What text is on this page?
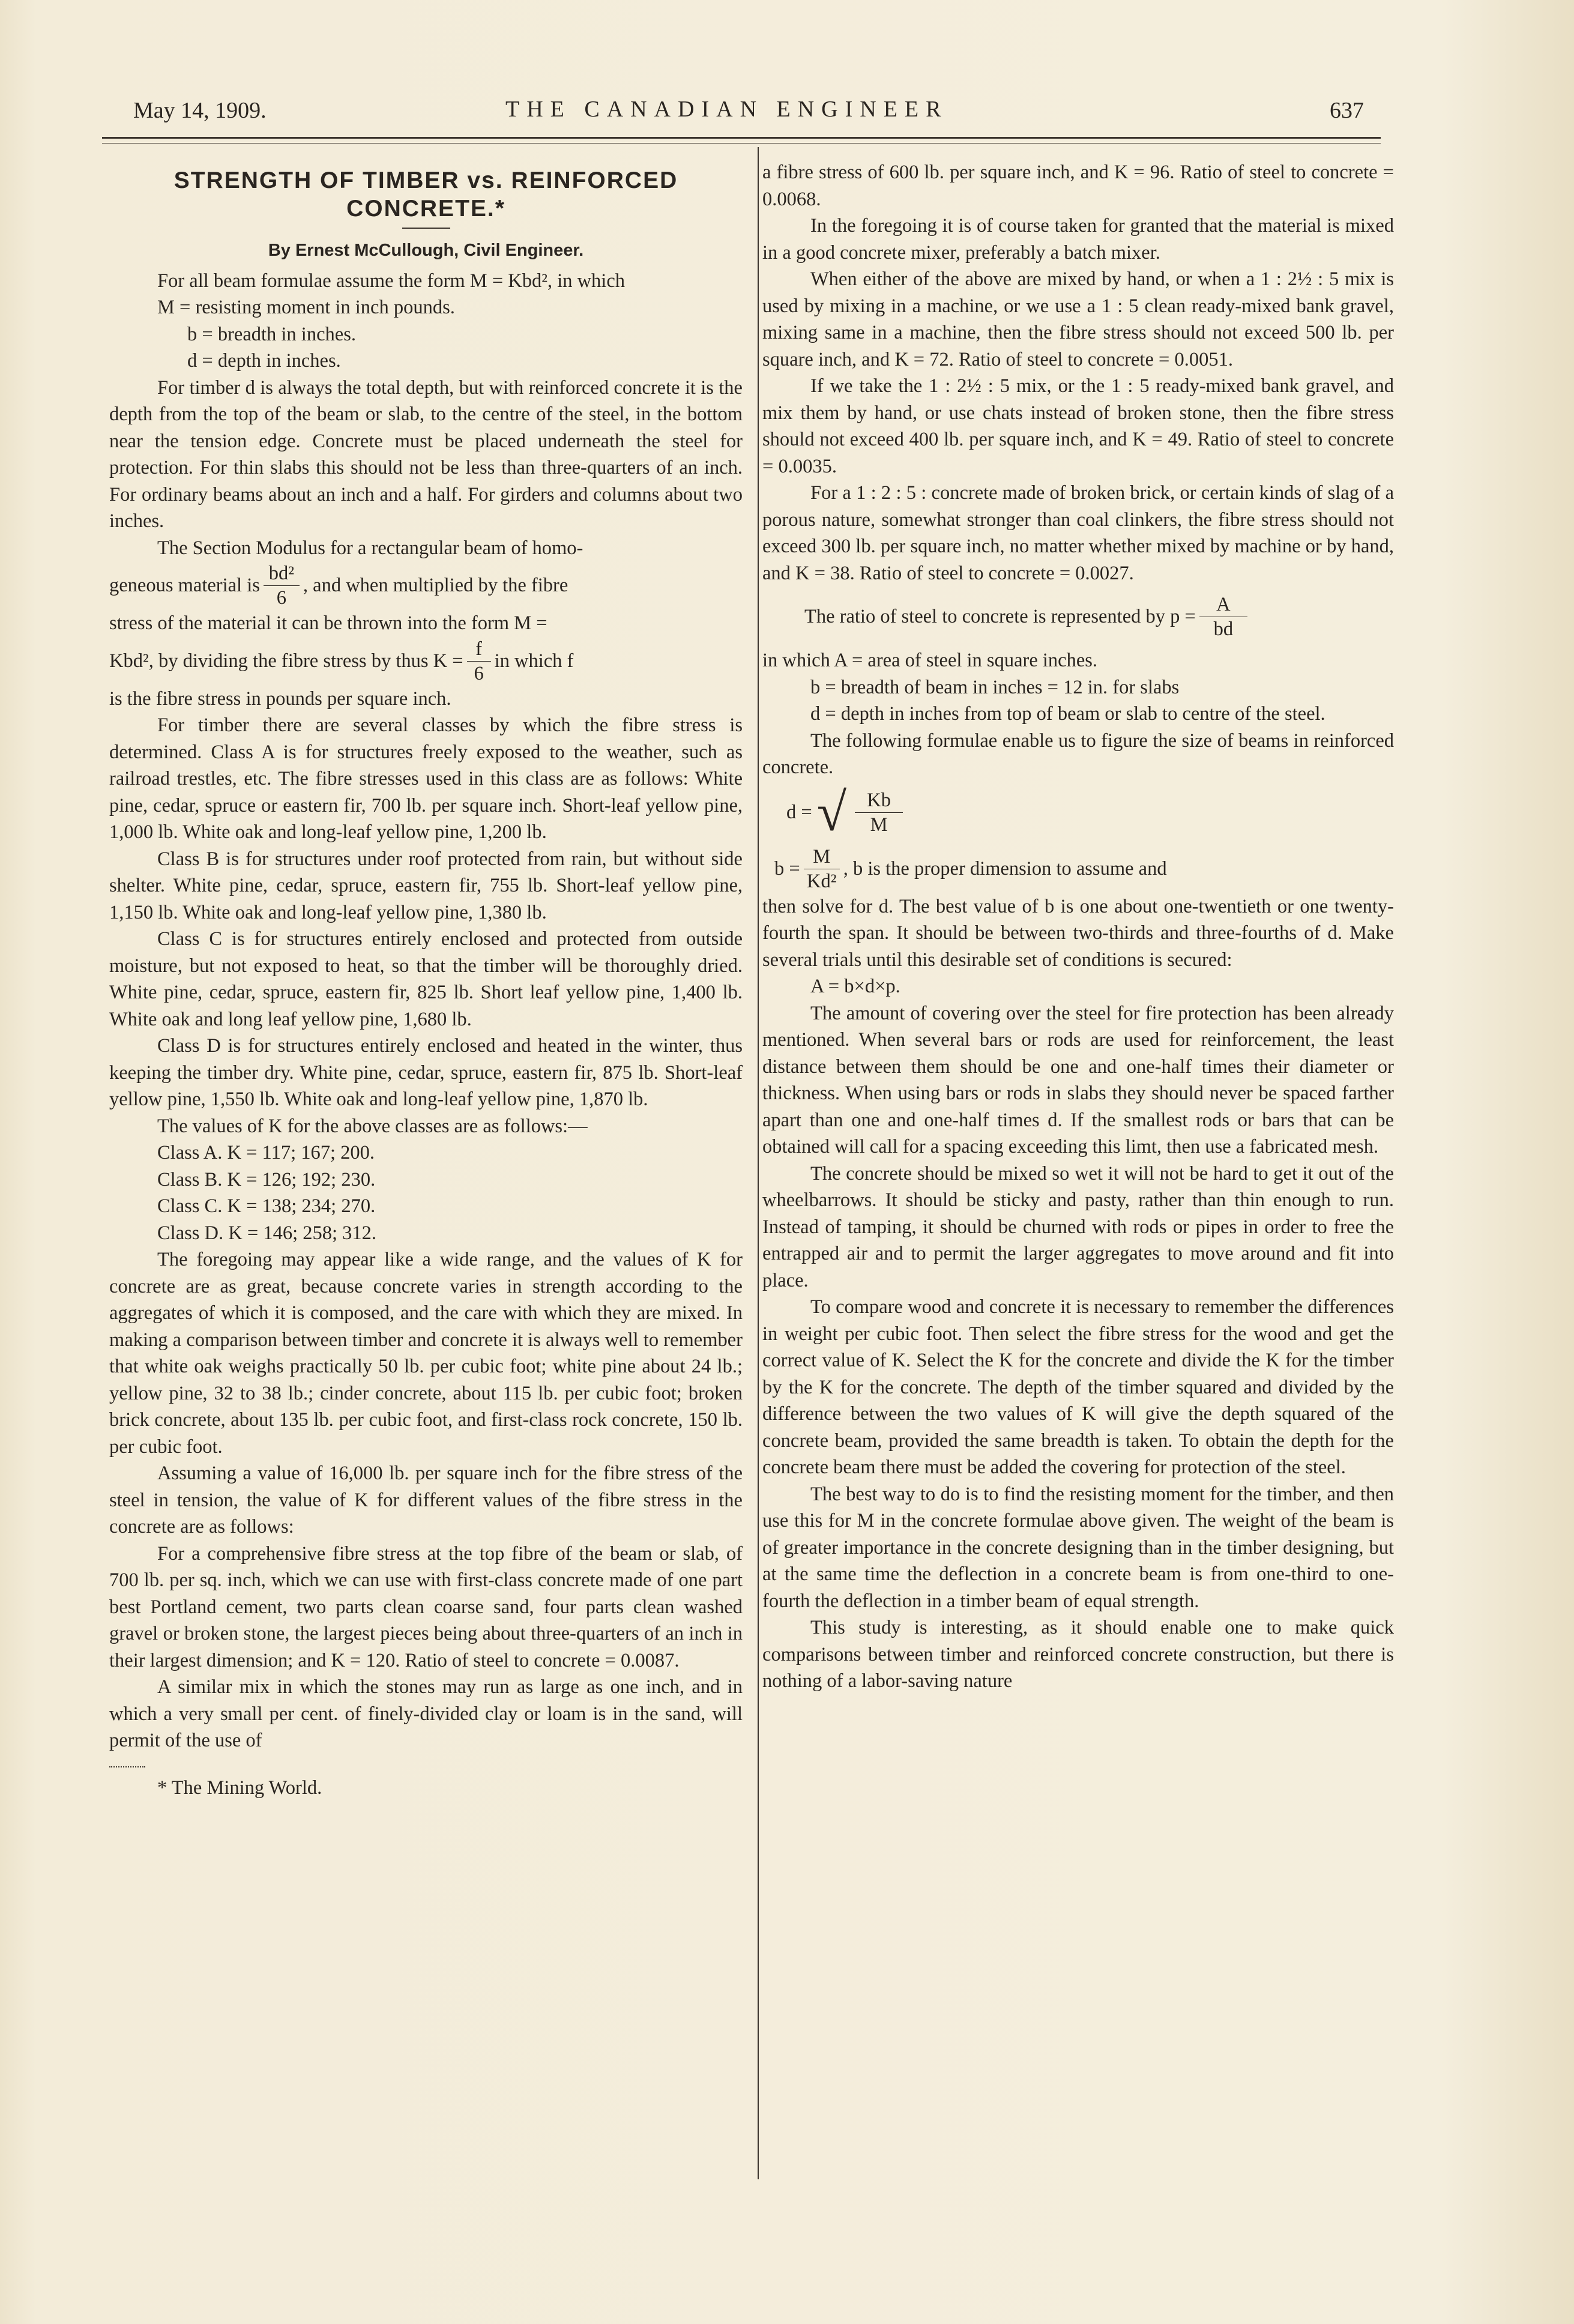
May 14, 1909.	THE CANADIAN ENGINEER	637
STRENGTH OF TIMBER vs. REINFORCED
CONCRETE.*
By Ernest McCullough, Civil Engineer.

For all beam formulae assume the form M = Kbd², in which

M = resisting moment in inch pounds.

b = breadth in inches.

d = depth in inches.

For timber d is always the total depth, but with reinforced concrete it is the depth from the top of the beam or slab, to the centre of the steel, in the bottom near the tension edge. Concrete must be placed underneath the steel for protection. For thin slabs this should not be less than three-quarters of an inch. For ordinary beams about an inch and a half. For girders and columns about two inches.

The Section Modulus for a rectangular beam of homo-

geneous material is $\frac{\text{bd²}}{6}$ , and when multiplied by the fibre

stress of the material it can be thrown into the form M =

Kbd², by dividing the fibre stress by thus $K = \frac{f}{6}$ in which f

is the fibre stress in pounds per square inch.

For timber there are several classes by which the fibre stress is determined. Class A is for structures freely exposed to the weather, such as railroad trestles, etc. The fibre stresses used in this class are as follows: White pine, cedar, spruce or eastern fir, 700 lb. per square inch. Short-leaf yellow pine, 1,000 lb. White oak and long-leaf yellow pine, 1,200 lb.

Class B is for structures under roof protected from rain, but without side shelter. White pine, cedar, spruce, eastern fir, 755 lb. Short-leaf yellow pine, 1,150 lb. White oak and long-leaf yellow pine, 1,380 lb.

Class C is for structures entirely enclosed and protected from outside moisture, but not exposed to heat, so that the timber will be thoroughly dried. White pine, cedar, spruce, eastern fir, 825 lb. Short leaf yellow pine, 1,400 lb. White oak and long leaf yellow pine, 1,680 lb.

Class D is for structures entirely enclosed and heated in the winter, thus keeping the timber dry. White pine, cedar, spruce, eastern fir, 875 lb. Short-leaf yellow pine, 1,550 lb. White oak and long-leaf yellow pine, 1,870 lb.

The values of K for the above classes are as follows:—

Class A. K = 117; 167; 200.

Class B. K = 126; 192; 230.

Class C. K = 138; 234; 270.

Class D. K = 146; 258; 312.

The foregoing may appear like a wide range, and the values of K for concrete are as great, because concrete varies in strength according to the aggregates of which it is composed, and the care with which they are mixed. In making a comparison between timber and concrete it is always well to remember that white oak weighs practically 50 lb. per cubic foot; white pine about 24 lb.; yellow pine, 32 to 38 lb.; cinder concrete, about 115 lb. per cubic foot; broken brick concrete, about 135 lb. per cubic foot, and first-class rock concrete, 150 lb. per cubic foot.

Assuming a value of 16,000 lb. per square inch for the fibre stress of the steel in tension, the value of K for different values of the fibre stress in the concrete are as follows:

For a comprehensive fibre stress at the top fibre of the beam or slab, of 700 lb. per sq. inch, which we can use with first-class concrete made of one part best Portland cement, two parts clean coarse sand, four parts clean washed gravel or broken stone, the largest pieces being about three-quarters of an inch in their largest dimension; and K = 120. Ratio of steel to concrete = 0.0087.

A similar mix in which the stones may run as large as one inch, and in which a very small per cent. of finely-divided clay or loam is in the sand, will permit of the use of

* The Mining World.

a fibre stress of 600 lb. per square inch, and K = 96. Ratio of steel to concrete = 0.0068.

In the foregoing it is of course taken for granted that the material is mixed in a good concrete mixer, preferably a batch mixer.

When either of the above are mixed by hand, or when a 1 : 2½ : 5 mix is used by mixing in a machine, or we use a 1 : 5 clean ready-mixed bank gravel, mixing same in a machine, then the fibre stress should not exceed 500 lb. per square inch, and K = 72. Ratio of steel to concrete = 0.0051.

If we take the 1 : 2½ : 5 mix, or the 1 : 5 ready-mixed bank gravel, and mix them by hand, or use chats instead of broken stone, then the fibre stress should not exceed 400 lb. per square inch, and K = 49. Ratio of steel to concrete = 0.0035.

For a 1 : 2 : 5 : concrete made of broken brick, or certain kinds of slag of a porous nature, somewhat stronger than coal clinkers, the fibre stress should not exceed 300 lb. per square inch, no matter whether mixed by machine or by hand, and K = 38. Ratio of steel to concrete = 0.0027.

The ratio of steel to concrete is represented by $p = \frac{A}{bd}$

in which A = area of steel in square inches.

b = breadth of beam in inches = 12 in. for slabs

d = depth in inches from top of beam or slab to centre of the steel.

The following formulae enable us to figure the size of beams in reinforced concrete.

d = √ $\frac{Kb}{M}$
$b = \frac{M}{\text{Kd²}}$ , b is the proper dimension to assume and

then solve for d. The best value of b is one about one-twentieth or one twenty-fourth the span. It should be between two-thirds and three-fourths of d. Make several trials until this desirable set of conditions is secured:

A = b×d×p.

The amount of covering over the steel for fire protection has been already mentioned. When several bars or rods are used for reinforcement, the least distance between them should be one and one-half times their diameter or thickness. When using bars or rods in slabs they should never be spaced farther apart than one and one-half times d. If the smallest rods or bars that can be obtained will call for a spacing exceeding this limt, then use a fabricated mesh.

The concrete should be mixed so wet it will not be hard to get it out of the wheelbarrows. It should be sticky and pasty, rather than thin enough to run. Instead of tamping, it should be churned with rods or pipes in order to free the entrapped air and to permit the larger aggregates to move around and fit into place.

To compare wood and concrete it is necessary to remember the differences in weight per cubic foot. Then select the fibre stress for the wood and get the correct value of K. Select the K for the concrete and divide the K for the timber by the K for the concrete. The depth of the timber squared and divided by the difference between the two values of K will give the depth squared of the concrete beam, provided the same breadth is taken. To obtain the depth for the concrete beam there must be added the covering for protection of the steel.

The best way to do is to find the resisting moment for the timber, and then use this for M in the concrete formulae above given. The weight of the beam is of greater importance in the concrete designing than in the timber designing, but at the same time the deflection in a concrete beam is from one-third to one-fourth the deflection in a timber beam of equal strength.

This study is interesting, as it should enable one to make quick comparisons between timber and reinforced concrete construction, but there is nothing of a labor-saving nature
